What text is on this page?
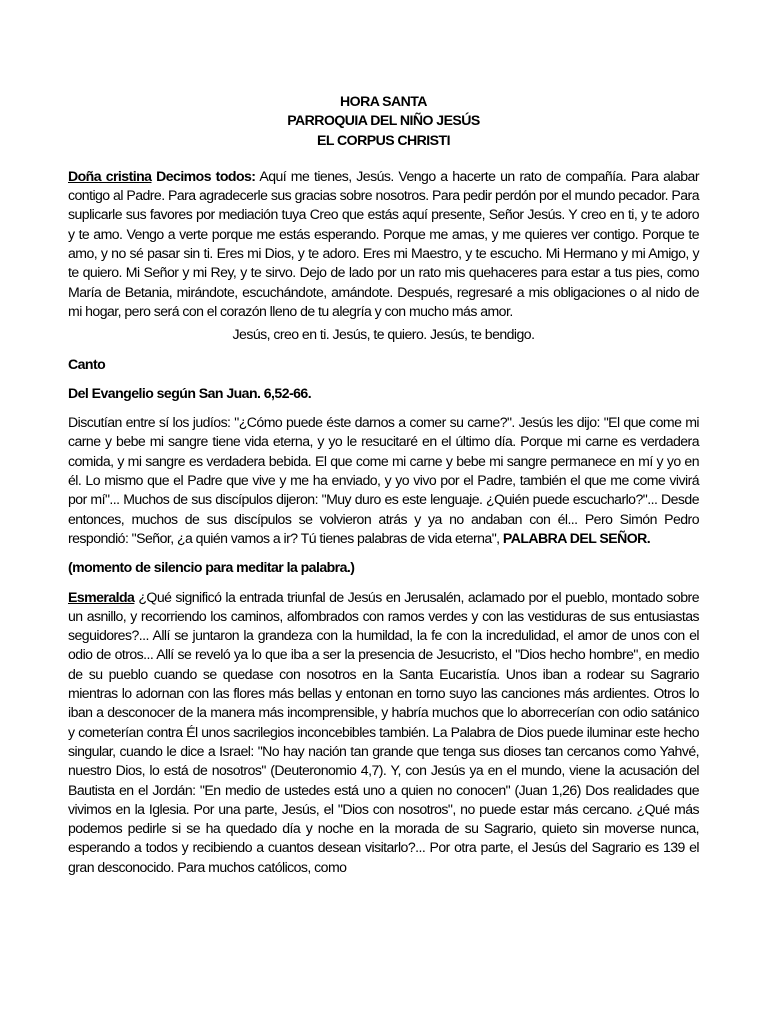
HORA SANTA
PARROQUIA DEL NIÑO JESÚS
EL CORPUS CHRISTI

Doña cristina Decimos todos: Aquí me tienes, Jesús. Vengo a hacerte un rato de compañía. Para alabar contigo al Padre. Para agradecerle sus gracias sobre nosotros. Para pedir perdón por el mundo pecador. Para suplicarle sus favores por mediación tuya Creo que estás aquí presente, Señor Jesús. Y creo en ti, y te adoro y te amo. Vengo a verte porque me estás esperando. Porque me amas, y me quieres ver contigo. Porque te amo, y no sé pasar sin ti. Eres mi Dios, y te adoro. Eres mi Maestro, y te escucho. Mi Hermano y mi Amigo, y te quiero. Mi Señor y mi Rey, y te sirvo. Dejo de lado por un rato mis quehaceres para estar a tus pies, como María de Betania, mirándote, escuchándote, amándote. Después, regresaré a mis obligaciones o al nido de mi hogar, pero será con el corazón lleno de tu alegría y con mucho más amor.

Jesús, creo en ti. Jesús, te quiero. Jesús, te bendigo.

Canto

Del Evangelio según San Juan. 6,52-66.

Discutían entre sí los judíos: "¿Cómo puede éste darnos a comer su carne?". Jesús les dijo: "El que come mi carne y bebe mi sangre tiene vida eterna, y yo le resucitaré en el último día. Porque mi carne es verdadera comida, y mi sangre es verdadera bebida. El que come mi carne y bebe mi sangre permanece en mí y yo en él. Lo mismo que el Padre que vive y me ha enviado, y yo vivo por el Padre, también el que me come vivirá por mí"... Muchos de sus discípulos dijeron: "Muy duro es este lenguaje. ¿Quién puede escucharlo?"... Desde entonces, muchos de sus discípulos se volvieron atrás y ya no andaban con él... Pero Simón Pedro respondió: "Señor, ¿a quién vamos a ir? Tú tienes palabras de vida eterna", PALABRA DEL SEÑOR.

(momento de silencio para meditar la palabra.)

Esmeralda ¿Qué significó la entrada triunfal de Jesús en Jerusalén, aclamado por el pueblo, montado sobre un asnillo, y recorriendo los caminos, alfombrados con ramos verdes y con las vestiduras de sus entusiastas seguidores?... Allí se juntaron la grandeza con la humildad, la fe con la incredulidad, el amor de unos con el odio de otros... Allí se reveló ya lo que iba a ser la presencia de Jesucristo, el "Dios hecho hombre", en medio de su pueblo cuando se quedase con nosotros en la Santa Eucaristía. Unos iban a rodear su Sagrario mientras lo adornan con las flores más bellas y entonan en torno suyo las canciones más ardientes. Otros lo iban a desconocer de la manera más incomprensible, y habría muchos que lo aborrecerían con odio satánico y cometerían contra Él unos sacrilegios inconcebibles también. La Palabra de Dios puede iluminar este hecho singular, cuando le dice a Israel: "No hay nación tan grande que tenga sus dioses tan cercanos como Yahvé, nuestro Dios, lo está de nosotros" (Deuteronomio 4,7). Y, con Jesús ya en el mundo, viene la acusación del Bautista en el Jordán: "En medio de ustedes está uno a quien no conocen" (Juan 1,26) Dos realidades que vivimos en la Iglesia. Por una parte, Jesús, el "Dios con nosotros", no puede estar más cercano. ¿Qué más podemos pedirle si se ha quedado día y noche en la morada de su Sagrario, quieto sin moverse nunca, esperando a todos y recibiendo a cuantos desean visitarlo?... Por otra parte, el Jesús del Sagrario es 139 el gran desconocido. Para muchos católicos, como
